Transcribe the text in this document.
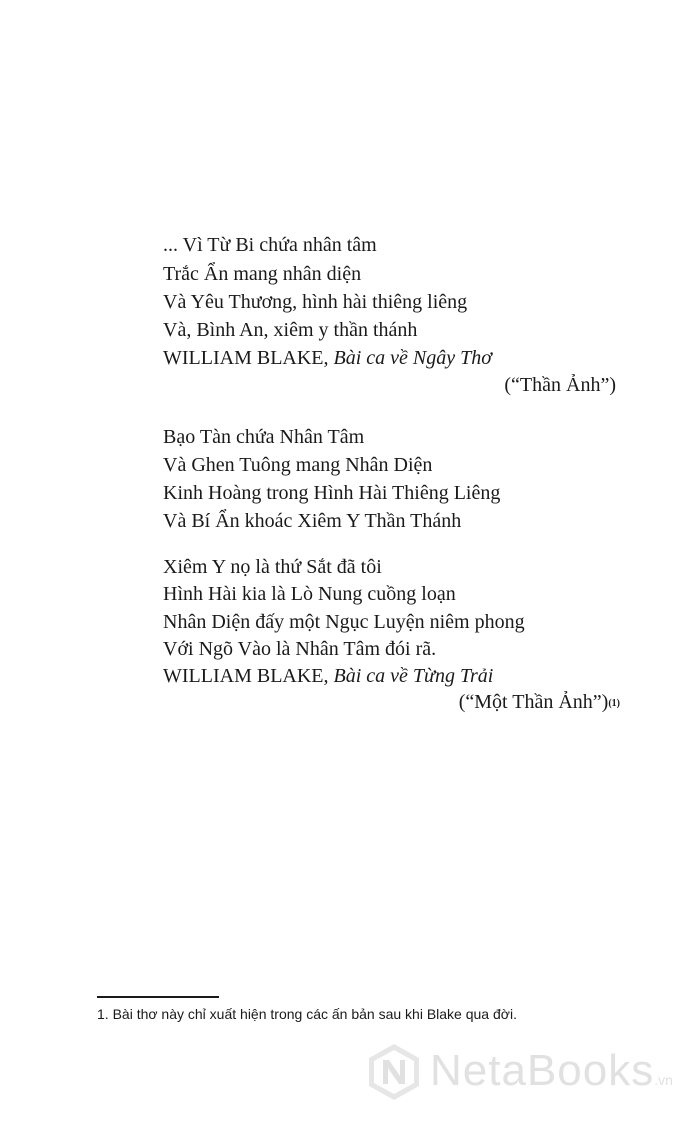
... Vì Từ Bi chứa nhân tâm
Trắc Ẩn mang nhân diện
Và Yêu Thương, hình hài thiêng liêng
Và, Bình An, xiêm y thần thánh
WILLIAM BLAKE, Bài ca về Ngây Thơ
(“Thần Ảnh”)
Bạo Tàn chứa Nhân Tâm
Và Ghen Tuông mang Nhân Diện
Kinh Hoàng trong Hình Hài Thiêng Liêng
Và Bí Ẩn khoác Xiêm Y Thần Thánh
Xiêm Y nọ là thứ Sắt đã tôi
Hình Hài kia là Lò Nung cuồng loạn
Nhân Diện đấy một Ngục Luyện niêm phong
Với Ngõ Vào là Nhân Tâm đói rã.
WILLIAM BLAKE, Bài ca về Từng Trải
(“Một Thần Ảnh”)$^{(1)}$
1. Bài thơ này chỉ xuất hiện trong các ấn bản sau khi Blake qua đời.
NetaBooks.vn
